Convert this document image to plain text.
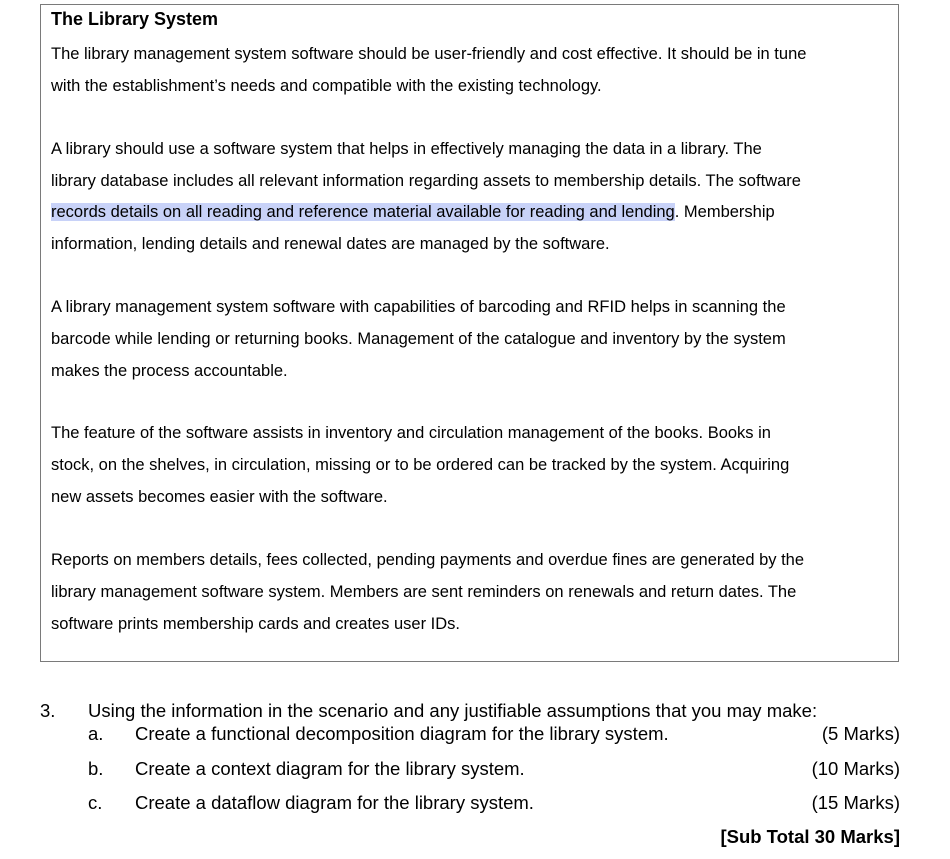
The Library System
The library management system software should be user-friendly and cost effective. It should be in tune
with the establishment’s needs and compatible with the existing technology.
A library should use a software system that helps in effectively managing the data in a library. The
library database includes all relevant information regarding assets to membership details. The software
records details on all reading and reference material available for reading and lending. Membership
information, lending details and renewal dates are managed by the software.
A library management system software with capabilities of barcoding and RFID helps in scanning the
barcode while lending or returning books. Management of the catalogue and inventory by the system
makes the process accountable.
The feature of the software assists in inventory and circulation management of the books. Books in
stock, on the shelves, in circulation, missing or to be ordered can be tracked by the system. Acquiring
new assets becomes easier with the software.
Reports on members details, fees collected, pending payments and overdue fines are generated by the
library management software system. Members are sent reminders on renewals and return dates. The
software prints membership cards and creates user IDs.
3. Using the information in the scenario and any justifiable assumptions that you may make:
a. Create a functional decomposition diagram for the library system.	(5 Marks)
b. Create a context diagram for the library system.	(10 Marks)
c. Create a dataflow diagram for the library system.	(15 Marks)
[Sub Total 30 Marks]
